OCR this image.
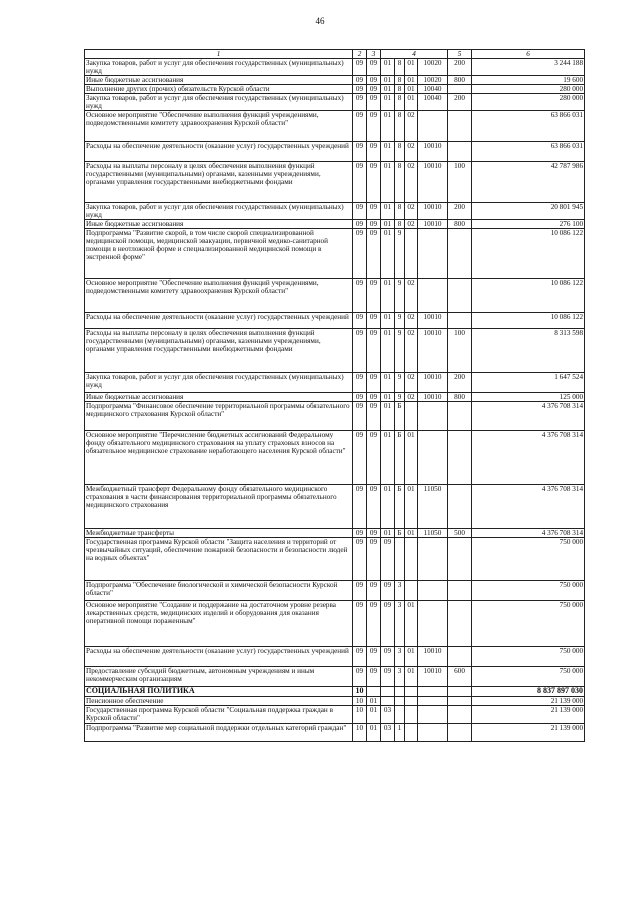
46
1	2	3	4				5	6
Закупка товаров, работ и услуг для обеспечения государственных (муниципальных) нужд	09	09	01	8	01	10020	200	3 244 188
Иные бюджетные ассигнования	09	09	01	8	01	10020	800	19 600
Выполнение других (прочих) обязательств Курской области	09	09	01	8	01	10040		280 000
Закупка товаров, работ и услуг для обеспечения государственных (муниципальных) нужд	09	09	01	8	01	10040	200	280 000
Основное мероприятие "Обеспечение выполнения функций учреждениями, подведомственными комитету здравоохранения Курской области"	09	09	01	8	02			63 866 031
Расходы на обеспечение деятельности (оказание услуг) государственных учреждений	09	09	01	8	02	10010		63 866 031
Расходы на выплаты персоналу в целях обеспечения выполнения функций государственными (муниципальными) органами, казенными учреждениями, органами управления государственными внебюджетными фондами	09	09	01	8	02	10010	100	42 787 986
Закупка товаров, работ и услуг для обеспечения государственных (муниципальных) нужд	09	09	01	8	02	10010	200	20 801 945
Иные бюджетные ассигнования	09	09	01	8	02	10010	800	276 100
Подпрограмма "Развитие скорой, в том числе скорой специализированной медицинской помощи, медицинской эвакуации, первичной медико-санитарной помощи в неотложной форме и специализированной медицинской помощи в экстренной форме"	09	09	01	9				10 086 122
Основное мероприятие "Обеспечение выполнения функций учреждениями, подведомственными комитету здравоохранения Курской области"	09	09	01	9	02			10 086 122
Расходы на обеспечение деятельности (оказание услуг) государственных учреждений	09	09	01	9	02	10010		10 086 122
Расходы на выплаты персоналу в целях обеспечения выполнения функций государственными (муниципальными) органами, казенными учреждениями, органами управления государственными внебюджетными фондами	09	09	01	9	02	10010	100	8 313 598
Закупка товаров, работ и услуг для обеспечения государственных (муниципальных) нужд	09	09	01	9	02	10010	200	1 647 524
Иные бюджетные ассигнования	09	09	01	9	02	10010	800	125 000
Подпрограмма "Финансовое обеспечение территориальной программы обязательного медицинского страхования Курской области"	09	09	01	Б				4 376 708 314
Основное мероприятие "Перечисление бюджетных ассигнований Федеральному фонду обязательного медицинского страхования на уплату страховых взносов на обязательное медицинское страхование неработающего населения Курской области"	09	09	01	Б	01			4 376 708 314
Межбюджетный трансферт Федеральному фонду обязательного медицинского страхования в части финансирования территориальной программы обязательного медицинского страхования	09	09	01	Б	01	11050		4 376 708 314
Межбюджетные трансферты	09	09	01	Б	01	11050	500	4 376 708 314
Государственная программа Курской области "Защита населения и территорий от чрезвычайных ситуаций, обеспечение пожарной безопасности и безопасности людей на водных объектах"	09	09	09					750 000
Подпрограмма "Обеспечение биологической и химической безопасности Курской области"	09	09	09	3				750 000
Основное мероприятие "Создание и поддержание на достаточном уровне резерва лекарственных средств, медицинских изделий и оборудования для оказания оперативной помощи пораженным"	09	09	09	3	01			750 000
Расходы на обеспечение деятельности (оказание услуг) государственных учреждений	09	09	09	3	01	10010		750 000
Предоставление субсидий бюджетным, автономным учреждениям и иным некоммерческим организациям	09	09	09	3	01	10010	600	750 000
СОЦИАЛЬНАЯ ПОЛИТИКА	10							8 837 897 030
Пенсионное обеспечение	10	01						21 139 000
Государственная программа Курской области "Социальная поддержка граждан в Курской области"	10	01	03					21 139 000
Подпрограмма "Развитие мер социальной поддержки отдельных категорий граждан"	10	01	03	1				21 139 000
